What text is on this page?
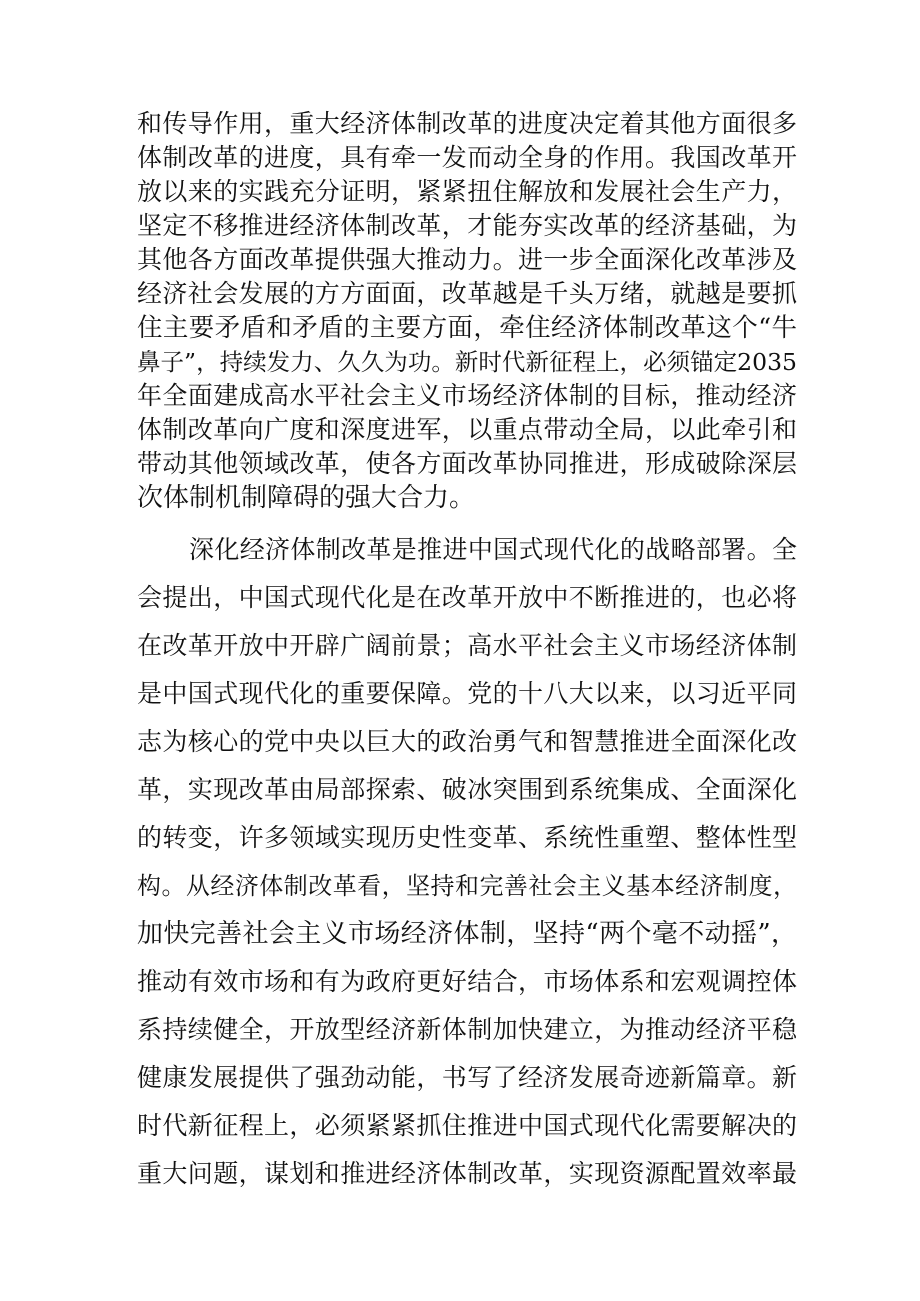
和传导作用，重大经济体制改革的进度决定着其他方面很多

体制改革的进度，具有牵一发而动全身的作用。我国改革开

放以来的实践充分证明，紧紧扭住解放和发展社会生产力，

坚定不移推进经济体制改革，才能夯实改革的经济基础，为

其他各方面改革提供强大推动力。进一步全面深化改革涉及

经济社会发展的方方面面，改革越是千头万绪，就越是要抓

住主要矛盾和矛盾的主要方面，牵住经济体制改革这个“牛

鼻子”，持续发力、久久为功。新时代新征程上，必须锚定2035

年全面建成高水平社会主义市场经济体制的目标，推动经济

体制改革向广度和深度进军，以重点带动全局，以此牵引和

带动其他领域改革，使各方面改革协同推进，形成破除深层

次体制机制障碍的强大合力。

深化经济体制改革是推进中国式现代化的战略部署。全

会提出，中国式现代化是在改革开放中不断推进的，也必将

在改革开放中开辟广阔前景；高水平社会主义市场经济体制

是中国式现代化的重要保障。党的十八大以来，以习近平同

志为核心的党中央以巨大的政治勇气和智慧推进全面深化改

革，实现改革由局部探索、破冰突围到系统集成、全面深化

的转变，许多领域实现历史性变革、系统性重塑、整体性型

构。从经济体制改革看，坚持和完善社会主义基本经济制度，

加快完善社会主义市场经济体制，坚持“两个毫不动摇”，

推动有效市场和有为政府更好结合，市场体系和宏观调控体

系持续健全，开放型经济新体制加快建立，为推动经济平稳

健康发展提供了强劲动能，书写了经济发展奇迹新篇章。新

时代新征程上，必须紧紧抓住推进中国式现代化需要解决的

重大问题，谋划和推进经济体制改革，实现资源配置效率最
